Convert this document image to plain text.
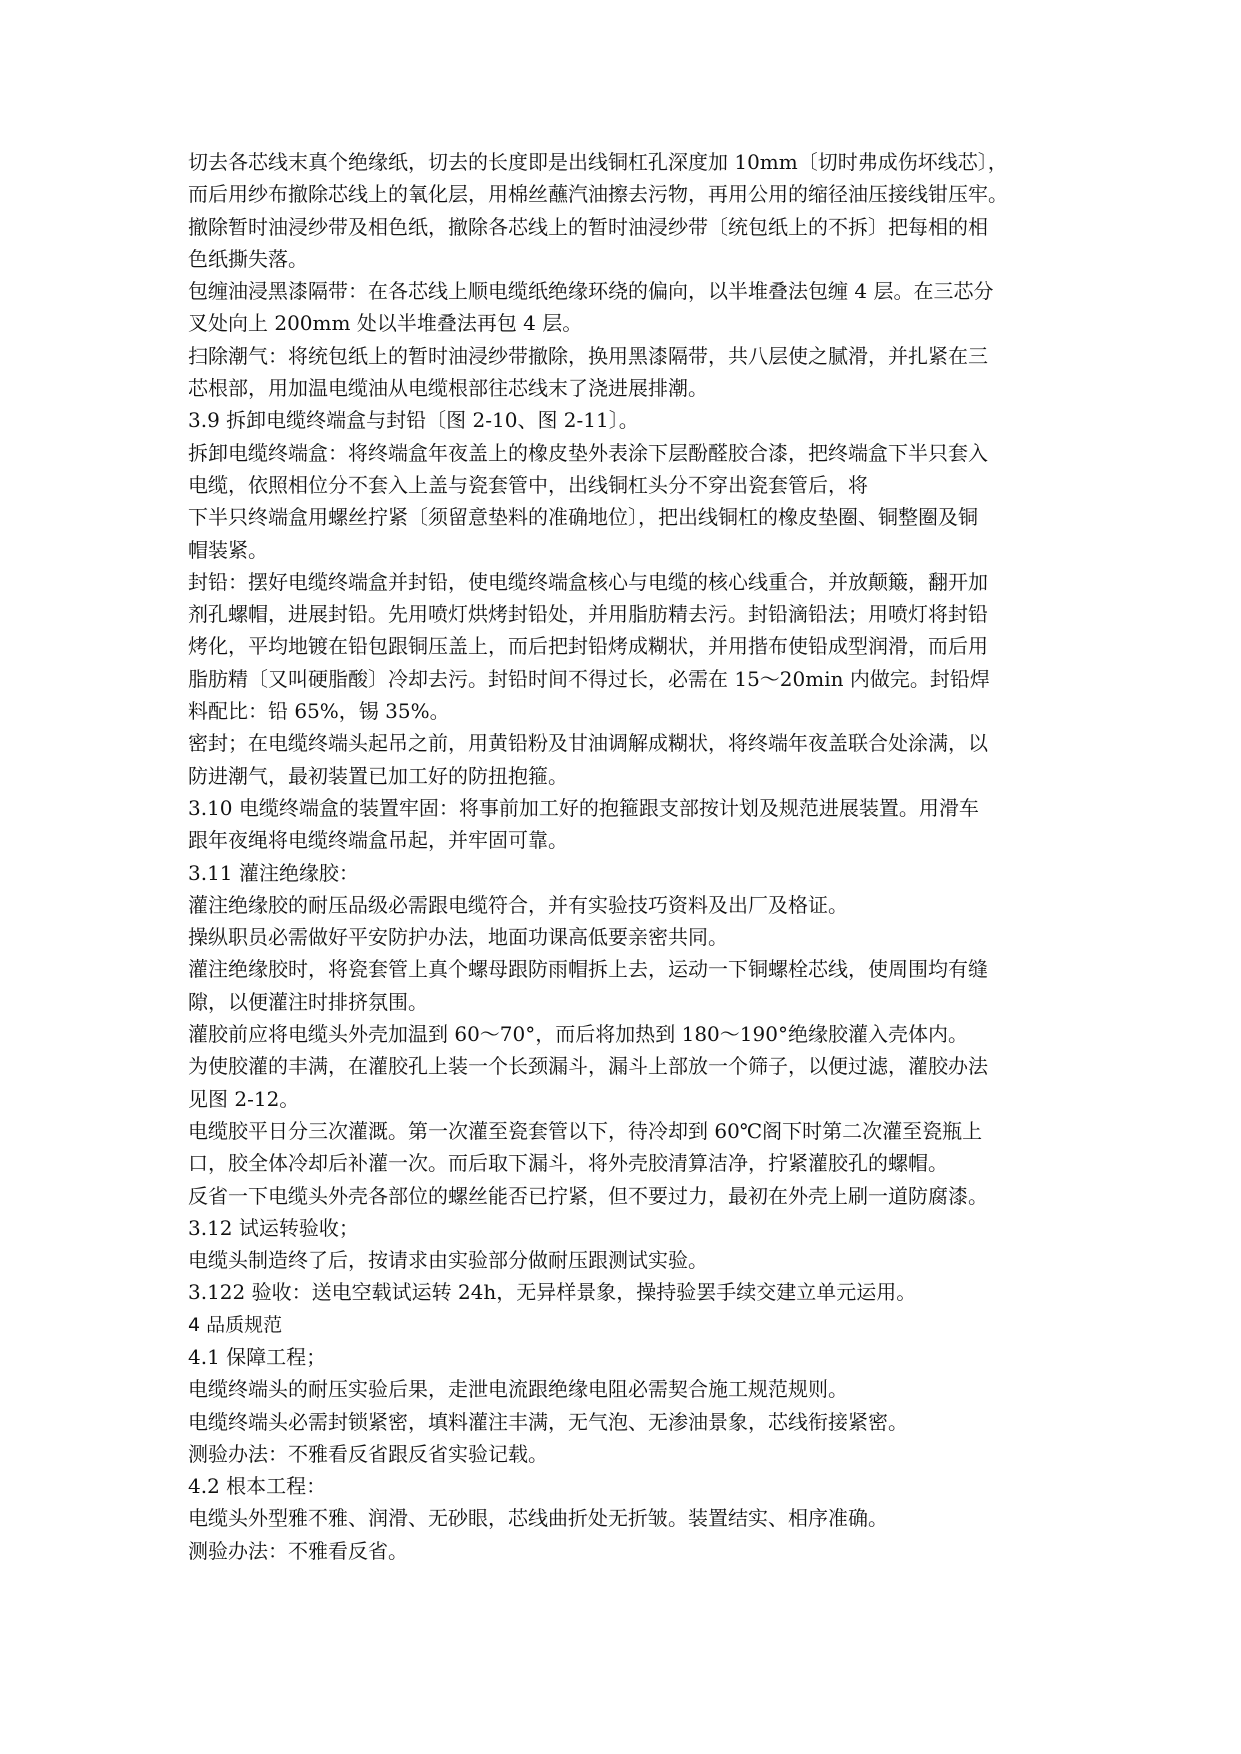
切去各芯线末真个绝缘纸，切去的长度即是出线铜杠孔深度加 10mm〔切时弗成伤坏线芯〕，

而后用纱布撤除芯线上的氧化层，用棉丝蘸汽油擦去污物，再用公用的缩径油压接线钳压牢。

撤除暂时油浸纱带及相色纸，撤除各芯线上的暂时油浸纱带〔统包纸上的不拆〕把每相的相

色纸撕失落。

包缠油浸黑漆隔带：在各芯线上顺电缆纸绝缘环绕的偏向，以半堆叠法包缠 4 层。在三芯分

叉处向上 200mm 处以半堆叠法再包 4 层。

扫除潮气：将统包纸上的暂时油浸纱带撤除，换用黑漆隔带，共八层使之腻滑，并扎紧在三

芯根部，用加温电缆油从电缆根部往芯线末了浇进展排潮。

3.9 拆卸电缆终端盒与封铅〔图 2-10、图 2-11〕。

拆卸电缆终端盒：将终端盒年夜盖上的橡皮垫外表涂下层酚醛胶合漆，把终端盒下半只套入

电缆，依照相位分不套入上盖与瓷套管中，出线铜杠头分不穿出瓷套管后，将

下半只终端盒用螺丝拧紧〔须留意垫料的准确地位〕，把出线铜杠的橡皮垫圈、铜整圈及铜

帽装紧。

封铅：摆好电缆终端盒并封铅，使电缆终端盒核心与电缆的核心线重合，并放颠簸，翻开加

剂孔螺帽，进展封铅。先用喷灯烘烤封铅处，并用脂肪精去污。封铅滴铅法；用喷灯将封铅

烤化，平均地镀在铅包跟铜压盖上，而后把封铅烤成糊状，并用揩布使铅成型润滑，而后用

脂肪精〔又叫硬脂酸〕冷却去污。封铅时间不得过长，必需在 15～20min 内做完。封铅焊

料配比：铅 65%，锡 35%。

密封；在电缆终端头起吊之前，用黄铅粉及甘油调解成糊状，将终端年夜盖联合处涂满，以

防进潮气，最初装置已加工好的防扭抱箍。

3.10 电缆终端盒的装置牢固：将事前加工好的抱箍跟支部按计划及规范进展装置。用滑车

跟年夜绳将电缆终端盒吊起，并牢固可靠。

3.11 灌注绝缘胶：

灌注绝缘胶的耐压品级必需跟电缆符合，并有实验技巧资料及出厂及格证。

操纵职员必需做好平安防护办法，地面功课高低要亲密共同。

灌注绝缘胶时，将瓷套管上真个螺母跟防雨帽拆上去，运动一下铜螺栓芯线，使周围均有缝

隙，以便灌注时排挤氛围。

灌胶前应将电缆头外壳加温到 60～70°，而后将加热到 180～190°绝缘胶灌入壳体内。

为使胶灌的丰满，在灌胶孔上装一个长颈漏斗，漏斗上部放一个筛子，以便过滤，灌胶办法

见图 2-12。

电缆胶平日分三次灌溉。第一次灌至瓷套管以下，待冷却到 60℃阁下时第二次灌至瓷瓶上

口，胶全体冷却后补灌一次。而后取下漏斗，将外壳胶清算洁净，拧紧灌胶孔的螺帽。

反省一下电缆头外壳各部位的螺丝能否已拧紧，但不要过力，最初在外壳上刷一道防腐漆。

3.12 试运转验收；

电缆头制造终了后，按请求由实验部分做耐压跟测试实验。

3.122 验收：送电空载试运转 24h，无异样景象，操持验罢手续交建立单元运用。

4 品质规范

4.1 保障工程；

电缆终端头的耐压实验后果，走泄电流跟绝缘电阻必需契合施工规范规则。

电缆终端头必需封锁紧密，填料灌注丰满，无气泡、无渗油景象，芯线衔接紧密。

测验办法：不雅看反省跟反省实验记载。

4.2 根本工程：

电缆头外型雅不雅、润滑、无砂眼，芯线曲折处无折皱。装置结实、相序准确。

测验办法：不雅看反省。
